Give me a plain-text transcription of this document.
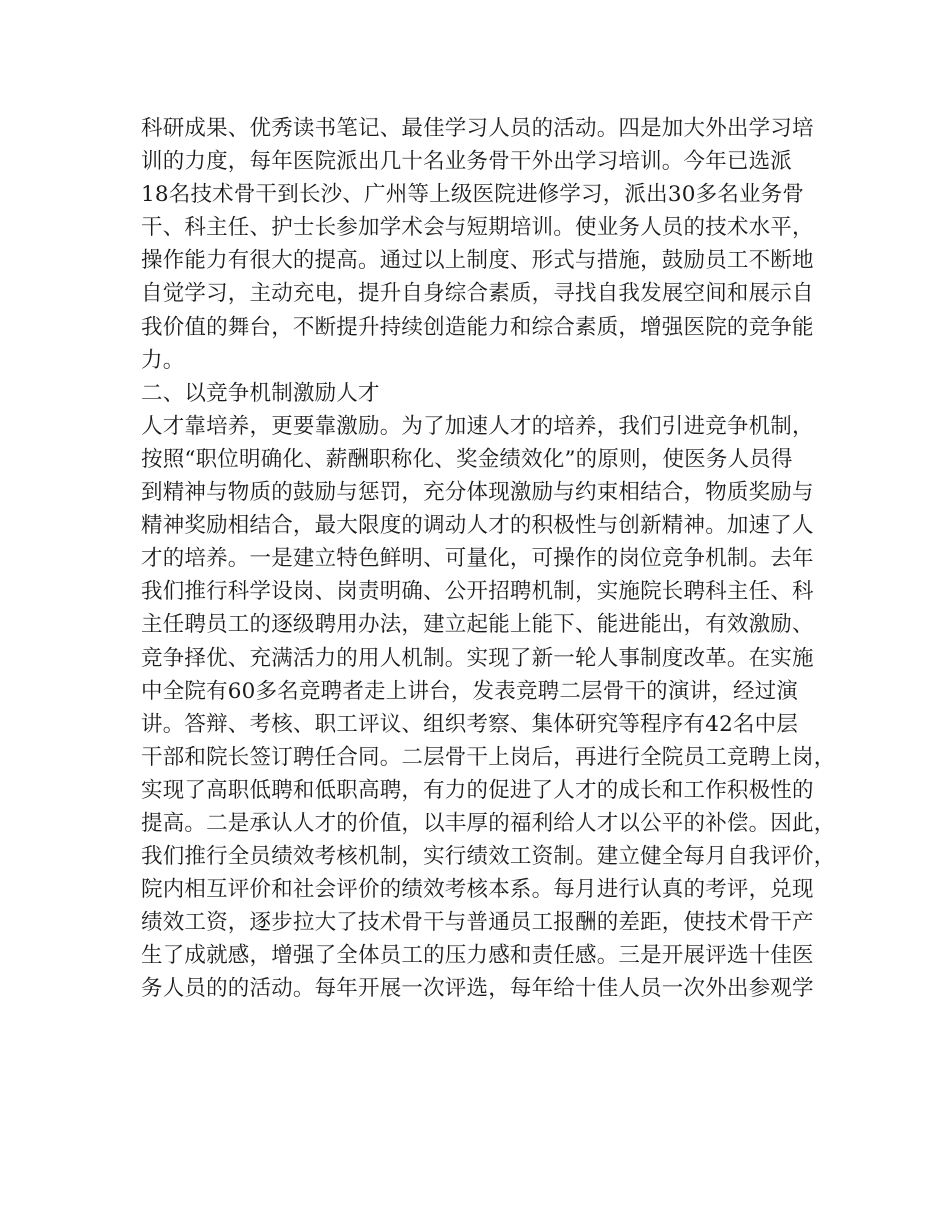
科研成果、优秀读书笔记、最佳学习人员的活动。四是加大外出学习培
训的力度，每年医院派出几十名业务骨干外出学习培训。今年已选派
18名技术骨干到长沙、广州等上级医院进修学习，派出30多名业务骨
干、科主任、护士长参加学术会与短期培训。使业务人员的技术水平，
操作能力有很大的提高。通过以上制度、形式与措施，鼓励员工不断地
自觉学习，主动充电，提升自身综合素质，寻找自我发展空间和展示自
我价值的舞台，不断提升持续创造能力和综合素质，增强医院的竞争能
力。
二、以竞争机制激励人才
人才靠培养，更要靠激励。为了加速人才的培养，我们引进竞争机制，
按照“职位明确化、薪酬职称化、奖金绩效化”的原则，使医务人员得
到精神与物质的鼓励与惩罚，充分体现激励与约束相结合，物质奖励与
精神奖励相结合，最大限度的调动人才的积极性与创新精神。加速了人
才的培养。一是建立特色鲜明、可量化，可操作的岗位竞争机制。去年
我们推行科学设岗、岗责明确、公开招聘机制，实施院长聘科主任、科
主任聘员工的逐级聘用办法，建立起能上能下、能进能出，有效激励、
竞争择优、充满活力的用人机制。实现了新一轮人事制度改革。在实施
中全院有60多名竞聘者走上讲台，发表竞聘二层骨干的演讲，经过演
讲。答辩、考核、职工评议、组织考察、集体研究等程序有42名中层
干部和院长签订聘任合同。二层骨干上岗后，再进行全院员工竞聘上岗，
实现了高职低聘和低职高聘，有力的促进了人才的成长和工作积极性的
提高。二是承认人才的价值，以丰厚的福利给人才以公平的补偿。因此，
我们推行全员绩效考核机制，实行绩效工资制。建立健全每月自我评价，
院内相互评价和社会评价的绩效考核本系。每月进行认真的考评，兑现
绩效工资，逐步拉大了技术骨干与普通员工报酬的差距，使技术骨干产
生了成就感，增强了全体员工的压力感和责任感。三是开展评选十佳医
务人员的的活动。每年开展一次评选，每年给十佳人员一次外出参观学
